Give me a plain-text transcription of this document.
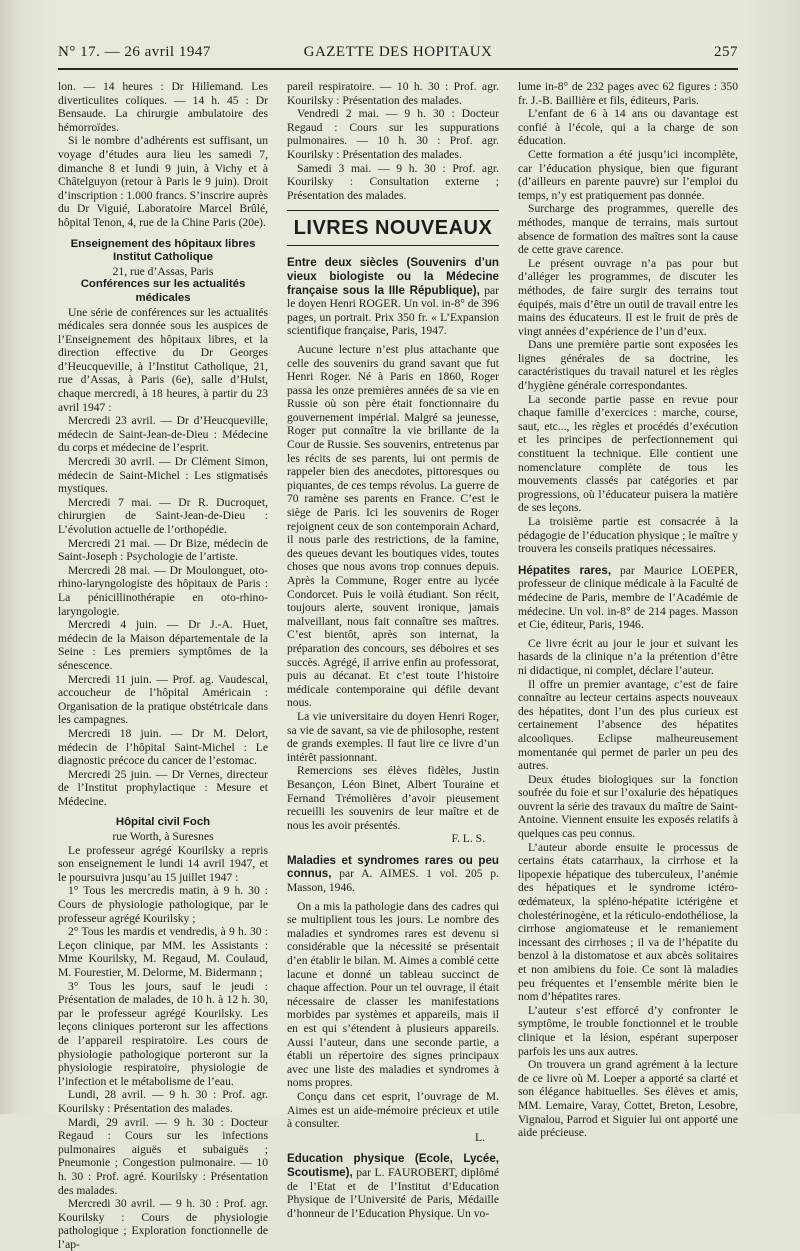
N° 17. — 26 avril 1947	GAZETTE DES HOPITAUX	257

lon. — 14 heures : Dr Hillemand. Les diverticulites coliques. — 14 h. 45 : Dr Bensaude. La chirurgie ambulatoire des hémorroïdes.

Si le nombre d’adhérents est suffisant, un voyage d’études aura lieu les samedi 7, dimanche 8 et lundi 9 juin, à Vichy et à Châtelguyon (retour à Paris le 9 juin). Droit d’inscription : 1.000 francs. S’inscrire auprès du Dr Viguié, Laboratoire Marcel Brûlé, hôpital Tenon, 4, rue de la Chine Paris (20e).

Enseignement des hôpitaux libres

Institut Catholique

21, rue d’Assas, Paris

Conférences sur les actualités médicales

Une série de conférences sur les actualités médicales sera donnée sous les auspices de l’Enseignement des hôpitaux libres, et la direction effective du Dr Georges d’Heucqueville, à l’Institut Catholique, 21, rue d’Assas, à Paris (6e), salle d’Hulst, chaque mercredi, à 18 heures, à partir du 23 avril 1947 :

Mercredi 23 avril. — Dr d’Heucqueville, médecin de Saint-Jean-de-Dieu : Médecine du corps et médecine de l’esprit.

Mercredi 30 avril. — Dr Clément Simon, médecin de Saint-Michel : Les stigmatisés mystiques.

Mercredi 7 mai. — Dr R. Ducroquet, chirurgien de Saint-Jean-de-Dieu : L’évolution actuelle de l’orthopédie.

Mercredi 21 mai. — Dr Bize, médecin de Saint-Joseph : Psychologie de l’artiste.

Mercredi 28 mai. — Dr Moulonguet, oto-rhino-laryngologiste des hôpitaux de Paris : La pénicillinothérapie en oto-rhino-laryngologie.

Mercredi 4 juin. — Dr J.-A. Huet, médecin de la Maison départementale de la Seine : Les premiers symptômes de la sénescence.

Mercredi 11 juin. — Prof. ag. Vaudescal, accoucheur de l’hôpital Américain : Organisation de la pratique obstétricale dans les campagnes.

Mercredi 18 juin. — Dr M. Delort, médecin de l’hôpital Saint-Michel : Le diagnostic précoce du cancer de l’estomac.

Mercredi 25 juin. — Dr Vernes, directeur de l’Institut prophylactique : Mesure et Médecine.

Hôpital civil Foch

rue Worth, à Suresnes

Le professeur agrégé Kourilsky a repris son enseignement le lundi 14 avril 1947, et le poursuivra jusqu’au 15 juillet 1947 :

1° Tous les mercredis matin, à 9 h. 30 : Cours de physiologie pathologique, par le professeur agrégé Kourilsky ;

2° Tous les mardis et vendredis, à 9 h. 30 : Leçon clinique, par MM. les Assistants : Mme Kourilsky, M. Regaud, M. Coulaud, M. Fourestier, M. Delorme, M. Bidermann ;

3° Tous les jours, sauf le jeudi : Présentation de malades, de 10 h. à 12 h. 30, par le professeur agrégé Kourilsky. Les leçons cliniques porteront sur les affections de l’appareil respiratoire. Les cours de physiologie pathologique porteront sur la physiologie respiratoire, physiologie de l’infection et le métabolisme de l’eau.

Lundi, 28 avril. — 9 h. 30 : Prof. agr. Kourilsky : Présentation des malades.

Mardi, 29 avril. — 9 h. 30 : Docteur Regaud : Cours sur les infections pulmonaires aiguës et subaiguës ; Pneumonie ; Congestion pulmonaire. — 10 h. 30 : Prof. agré. Kourilsky : Présentation des malades.

Mercredi 30 avril. — 9 h. 30 : Prof. agr. Kourilsky : Cours de physiologie pathologique ; Exploration fonctionnelle de l’ap-

pareil respiratoire. — 10 h. 30 : Prof. agr. Kourilsky : Présentation des malades.

Vendredi 2 mai. — 9 h. 30 : Docteur Regaud : Cours sur les suppurations pulmonaires. — 10 h. 30 : Prof. agr. Kourilsky : Présentation des malades.

Samedi 3 mai. — 9 h. 30 : Prof. agr. Kourilsky : Consultation externe ; Présentation des malades.

LIVRES NOUVEAUX

Entre deux siècles (Souvenirs d’un vieux biologiste ou la Médecine française sous la IIIe République), par le doyen Henri ROGER. Un vol. in-8° de 396 pages, un portrait. Prix 350 fr. « L’Expansion scientifique française, Paris, 1947.

Aucune lecture n’est plus attachante que celle des souvenirs du grand savant que fut Henri Roger. Né à Paris en 1860, Roger passa les onze premières années de sa vie en Russie où son père était fonctionnaire du gouvernement impérial. Malgré sa jeunesse, Roger put connaître la vie brillante de la Cour de Russie. Ses souvenirs, entretenus par les récits de ses parents, lui ont permis de rappeler bien des anecdotes, pittoresques ou piquantes, de ces temps révolus. La guerre de 70 ramène ses parents en France. C’est le siège de Paris. Ici les souvenirs de Roger rejoignent ceux de son contemporain Achard, il nous parle des restrictions, de la famine, des queues devant les boutiques vides, toutes choses que nous avons trop connues depuis. Après la Commune, Roger entre au lycée Condorcet. Puis le voilà étudiant. Son récit, toujours alerte, souvent ironique, jamais malveillant, nous fait connaître ses maîtres. C’est bientôt, après son internat, la préparation des concours, ses déboires et ses succès. Agrégé, il arrive enfin au professorat, puis au décanat. Et c’est toute l’histoire médicale contemporaine qui défile devant nous.

La vie universitaire du doyen Henri Roger, sa vie de savant, sa vie de philosophe, restent de grands exemples. Il faut lire ce livre d’un intérêt passionnant.

Remercions ses élèves fidèles, Justin Besançon, Léon Binet, Albert Touraine et Fernand Trémolières d’avoir pieusement recueilli les souvenirs de leur maître et de nous les avoir présentés.

F. L. S.

Maladies et syndromes rares ou peu connus, par A. AIMES. 1 vol. 205 p. Masson, 1946.

On a mis la pathologie dans des cadres qui se multiplient tous les jours. Le nombre des maladies et syndromes rares est devenu si considérable que la nécessité se présentait d’en établir le bilan. M. Aimes a comblé cette lacune et donné un tableau succinct de chaque affection. Pour un tel ouvrage, il était nécessaire de classer les manifestations morbides par systèmes et appareils, mais il en est qui s’étendent à plusieurs appareils. Aussi l’auteur, dans une seconde partie, a établi un répertoire des signes principaux avec une liste des maladies et syndromes à noms propres.

Conçu dans cet esprit, l’ouvrage de M. Aimes est un aide-mémoire précieux et utile à consulter.

L.

Education physique (Ecole, Lycée, Scoutisme), par L. FAUROBERT, diplômé de l’Etat et de l’Institut d’Education Physique de l’Université de Paris, Médaille d’honneur de l’Education Physique. Un vo-

lume in-8° de 232 pages avec 62 figures : 350 fr. J.-B. Baillière et fils, éditeurs, Paris.

L’enfant de 6 à 14 ans ou davantage est confié à l’école, qui a la charge de son éducation.

Cette formation a été jusqu’ici incomplète, car l’éducation physique, bien que figurant (d’ailleurs en parente pauvre) sur l’emploi du temps, n’y est pratiquement pas donnée.

Surcharge des programmes, querelle des méthodes, manque de terrains, mais surtout absence de formation des maîtres sont la cause de cette grave carence.

Le présent ouvrage n’a pas pour but d’alléger les programmes, de discuter les méthodes, de faire surgir des terrains tout équipés, mais d’être un outil de travail entre les mains des éducateurs. Il est le fruit de près de vingt années d’expérience de l’un d’eux.

Dans une première partie sont exposées les lignes générales de sa doctrine, les caractéristiques du travail naturel et les règles d’hygiène générale correspondantes.

La seconde partie passe en revue pour chaque famille d’exercices : marche, course, saut, etc..., les règles et procédés d’exécution et les principes de perfectionnement qui constituent la technique. Elle contient une nomenclature complète de tous les mouvements classés par catégories et par progressions, où l’éducateur puisera la matière de ses leçons.

La troisième partie est consacrée à la pédagogie de l’éducation physique ; le maître y trouvera les conseils pratiques nécessaires.

Hépatites rares, par Maurice LOEPER, professeur de clinique médicale à la Faculté de médecine de Paris, membre de l’Académie de médecine. Un vol. in-8° de 214 pages. Masson et Cie, éditeur, Paris, 1946.

Ce livre écrit au jour le jour et suivant les hasards de la clinique n’a la prétention d’être ni didactique, ni complet, déclare l’auteur.

Il offre un premier avantage, c’est de faire connaître au lecteur certains aspects nouveaux des hépatites, dont l’un des plus curieux est certainement l’absence des hépatites alcooliques. Eclipse malheureusement momentanée qui permet de parler un peu des autres.

Deux études biologiques sur la fonction soufrée du foie et sur l’oxalurie des hépatiques ouvrent la série des travaux du maître de Saint-Antoine. Viennent ensuite les exposés relatifs à quelques cas peu connus.

L’auteur aborde ensuite le processus de certains états catarrhaux, la cirrhose et la lipopexie hépatique des tuberculeux, l’anémie des hépatiques et le syndrome ictéro-œdémateux, la spléno-hépatite ictérigène et cholestérinogène, et la réticulo-endothéliose, la cirrhose angiomateuse et le remaniement incessant des cirrhoses ; il va de l’hépatite du benzol à la distomatose et aux abcès solitaires et non amibiens du foie. Ce sont là maladies peu fréquentes et l’ensemble mérite bien le nom d’hépatites rares.

L’auteur s’est efforcé d’y confronter le symptôme, le trouble fonctionnel et le trouble clinique et la lésion, espérant superposer parfois les uns aux autres.

On trouvera un grand agrément à la lecture de ce livre où M. Loeper a apporté sa clarté et son élégance habituelles. Ses élèves et amis, MM. Lemaire, Varay, Cottet, Breton, Lesobre, Vignalou, Parrod et Siguier lui ont apporté une aide précieuse.
